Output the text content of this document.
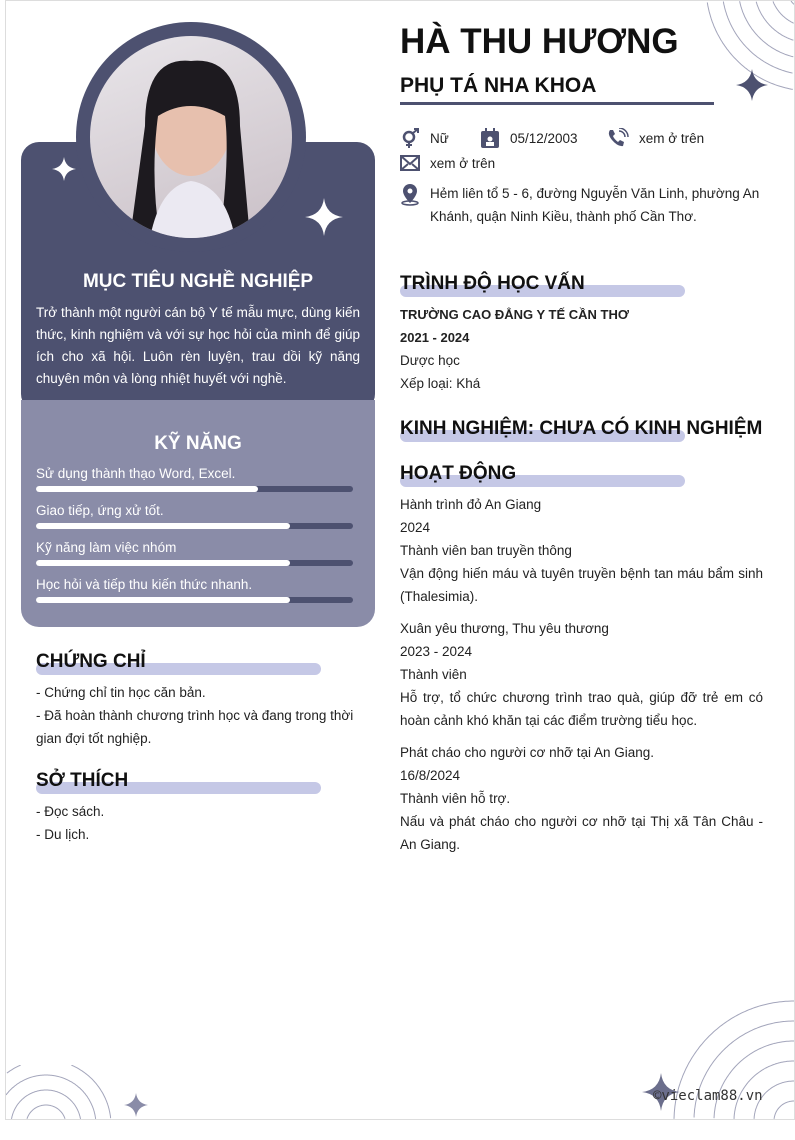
MỤC TIÊU NGHỀ NGHIỆP
Trở thành một người cán bộ Y tế mẫu mực, dùng kiến thức, kinh nghiệm và với sự học hỏi của mình để giúp ích cho xã hội. Luôn rèn luyện, trau dồi kỹ năng chuyên môn và lòng nhiệt huyết với nghề.
KỸ NĂNG
Sử dụng thành thạo Word, Excel.
Giao tiếp, ứng xử tốt.
Kỹ năng làm việc nhóm
Học hỏi và tiếp thu kiến thức nhanh.
CHỨNG CHỈ
- Chứng chỉ tin học căn bản.
- Đã hoàn thành chương trình học và đang trong thời gian đợi tốt nghiệp.
SỞ THÍCH
- Đọc sách.
- Du lịch.
HÀ THU HƯƠNG
PHỤ TÁ NHA KHOA
Nữ	05/12/2003	xem ở trên
xem ở trên
Hẻm liên tổ 5 - 6, đường Nguyễn Văn Linh, phường An Khánh, quận Ninh Kiều, thành phố Cần Thơ.
TRÌNH ĐỘ HỌC VẤN
TRƯỜNG CAO ĐẲNG Y TẾ CẦN THƠ
2021 - 2024
Dược học
Xếp loại: Khá
KINH NGHIỆM: CHƯA CÓ KINH NGHIỆM
HOẠT ĐỘNG
Hành trình đỏ An Giang
2024
Thành viên ban truyền thông
Vận động hiến máu và tuyên truyền bệnh tan máu bẩm sinh (Thalesimia).
Xuân yêu thương, Thu yêu thương
2023 - 2024
Thành viên
Hỗ trợ, tổ chức chương trình trao quà, giúp đỡ trẻ em có hoàn cảnh khó khăn tại các điểm trường tiểu học.
Phát cháo cho người cơ nhỡ tại An Giang.
16/8/2024
Thành viên hỗ trợ.
Nấu và phát cháo cho người cơ nhỡ tại Thị xã Tân Châu - An Giang.
©vieclam88.vn
